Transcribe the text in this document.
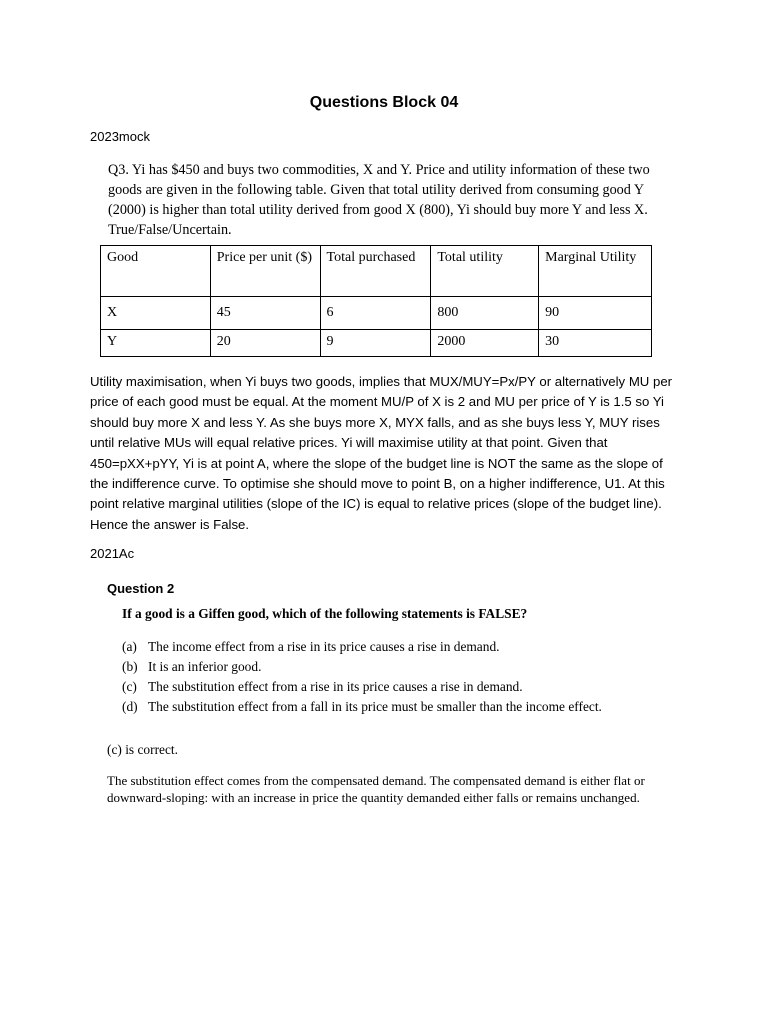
Questions Block 04
2023mock
Q3. Yi has $450 and buys two commodities, X and Y. Price and utility information of these two goods are given in the following table. Given that total utility derived from consuming good Y (2000) is higher than total utility derived from good X (800), Yi should buy more Y and less X. True/False/Uncertain.
Good	Price per unit ($)	Total purchased	Total utility	Marginal Utility
X	45	6	800	90
Y	20	9	2000	30
Utility maximisation, when Yi buys two goods, implies that MUX/MUY=Px/PY or alternatively MU per price of each good must be equal. At the moment MU/P of X is 2 and MU per price of Y is 1.5 so Yi should buy more X and less Y. As she buys more X, MYX falls, and as she buys less Y, MUY rises until relative MUs will equal relative prices. Yi will maximise utility at that point. Given that 450=pXX+pYY, Yi is at point A, where the slope of the budget line is NOT the same as the slope of the indifference curve. To optimise she should move to point B, on a higher indifference, U1. At this point relative marginal utilities (slope of the IC) is equal to relative prices (slope of the budget line). Hence the answer is False.
2021Ac
Question 2
If a good is a Giffen good, which of the following statements is FALSE?
(a) The income effect from a rise in its price causes a rise in demand.
(b) It is an inferior good.
(c) The substitution effect from a rise in its price causes a rise in demand.
(d) The substitution effect from a fall in its price must be smaller than the income effect.
(c) is correct.
The substitution effect comes from the compensated demand. The compensated demand is either flat or downward-sloping: with an increase in price the quantity demanded either falls or remains unchanged.
